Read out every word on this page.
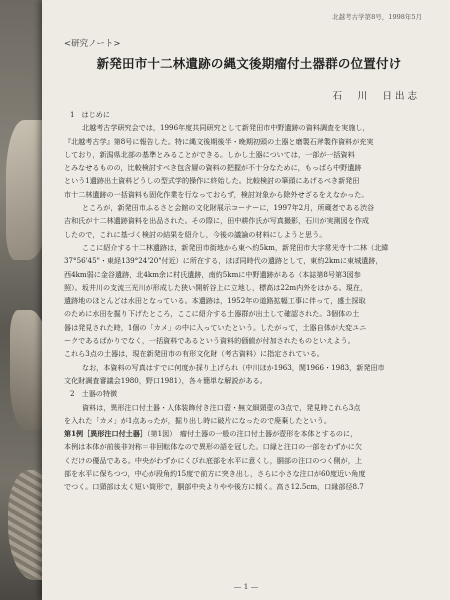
北越考古学第8号，1998年5月
<研究ノート>
新発田市十二林遺跡の縄文後期瘤付土器群の位置付け
石　川　日出志

1　はじめに

北越考古学研究会では，1996年度共同研究として新発田市中野遺跡の資料調査を実施し，

『北越考古学』第8号に報告した。特に縄文後期後半・晩期初頭の土器と磨製石斧製作資料が充実

しており，新潟県北部の基準とみることができる。しかし土器については，一部が一括資料

とみなせるものの，比較検討すべき包含層の資料の把握が不十分なために，もっぱら中野遺跡

という1遺跡出土資料どうしの型式学的操作に終始した。比較検討の筆頭にあげるべき新発田

市十二林遺跡の一括資料も固化作業を行なっておらず，検討対象から除外せざるをえなかった。

ところが，新発田市ふるさと会館の文化財展示コーナーに，1997年2月，所蔵者である渋谷

吉和氏が十二林遺跡資料を出品された。その際に，田中耕作氏が写真撮影，石川が実測図を作成

したので，これに基づく検討の結果を紹介し，今後の議論の材料にしようと思う。

ここに紹介する十二林遺跡は，新発田市街地から東へ約5km，新発田市大字常光寺十二林（北緯

37°56'45"・東経139°24'20"付近）に所在する，ほぼ同時代の遺跡として，東約2kmに東城遺跡，

西4km弱に金谷遺跡，北4km余に村氏遺跡，南約5kmに中野遺跡がある（本誌第8号第3図参

照）。坂井川の支流三光川が形成した狭い開析谷上に立地し，標高は22m内外をはかる。現在，

遺跡地のほとんどは水田となっている。本遺跡は，1952年の道路拡幅工事に伴って，盛土採取

のために水田を掘り下げたところ，ここに紹介する土器群が出土して確認された。3個体の土

器は発見された時，1個の「カメ」の中に入っていたという。したがって，土器自体が大変ユニ

ークであるばかりでなく，一括資料であるという資料的価値が付加されたものといえよう。

これら3点の土器は，現在新発田市の有形文化財（考古資料）に指定されている。

なお，本資料の写真はすでに何度か採り上げられ（中川ほか1963，関1966・1983，新発田市

文化財調査審議会1980，野口1981），各々簡単な解説がある。

2　土器の特徴

資料は，異形注口付土器・人体装飾付き注口壺・無文細頸壺の3点で，発見時これら3点

を入れた「カメ」が1点あったが，掘り出し時に破片になったので廃棄したという。

第1例［異形注口付土器］（第1図）　瘤付土器の一般の注口付土器が壺形を本体とするのに，

本例は本体が前後非対称＝非回転体なので異形の語を冠した。口縁と注口の一部をわずかに欠

くだけの優品である。中央がわずかにくびれ底部を水平に意くし，胴部の注口のつく側が，上

部を水平に保ちつつ，中心が段角約15度で前方に突き出し，さらに小さな注口が60度近い角度

でつく。口頸部は太く短い筒形で，胴部中央よりやや後方に傾く。高さ12.5cm，口縁部径8.7

— 1 —
